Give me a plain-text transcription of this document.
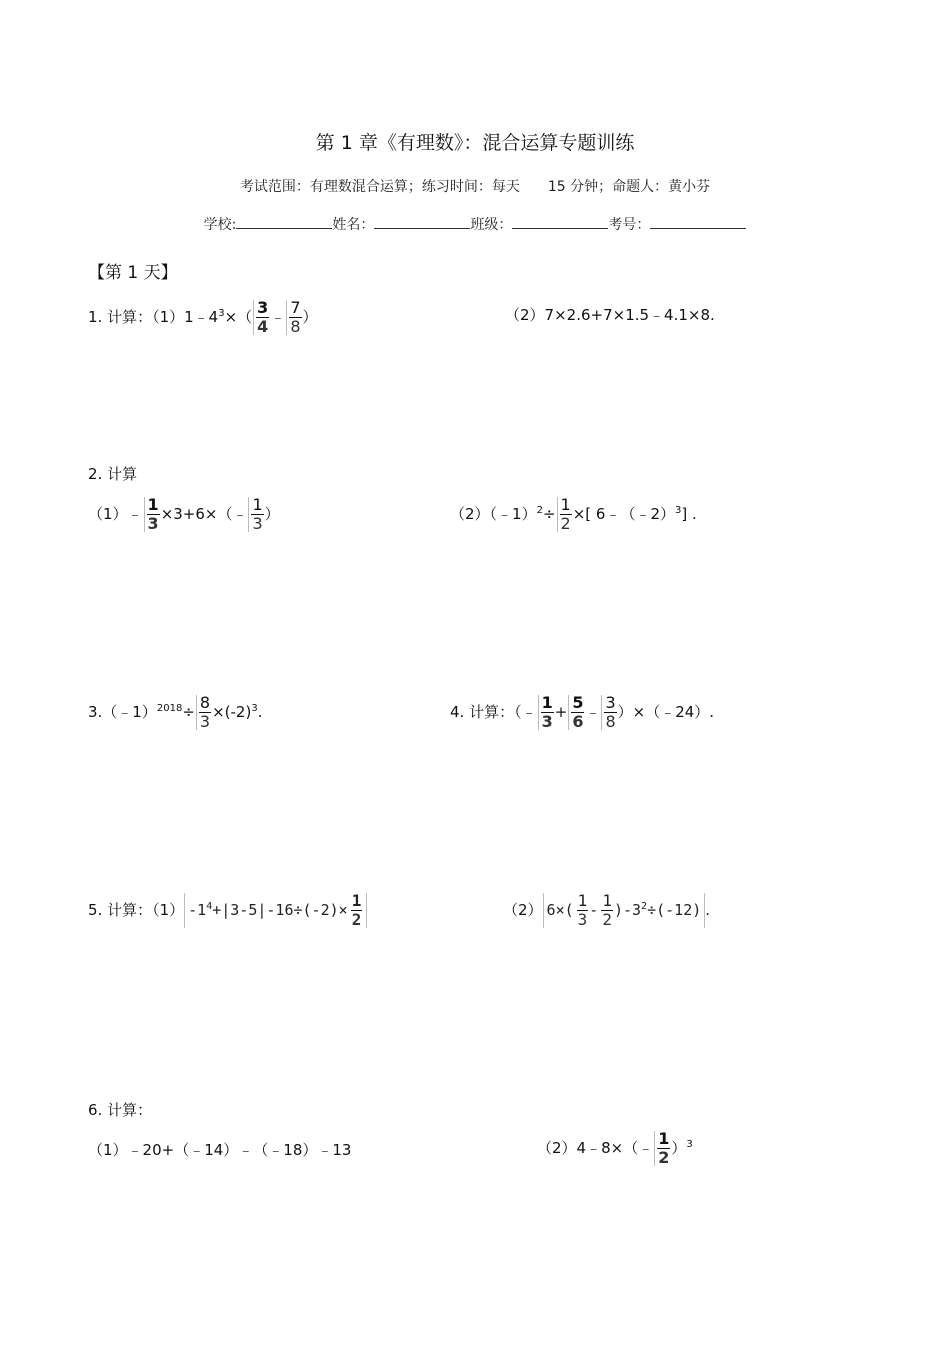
第 1 章《有理数》：混合运算专题训练
考试范围：有理数混合运算；练习时间：每天　　15 分钟；命题人：黄小芬
学校:	姓名：	班级：	考号：
【第 1 天】
1. 计算：$(1)1﹣4^3\times( \frac{3}{4}$ ﹣ $\frac{7}{8}$ ）	（2）7×2.6+7×1.5﹣4.1×8.
2. 计算
（1）﹣ $\frac{1}{3}$ ×3+6×（﹣ $\frac{1}{3}$ ）	（2）（﹣1）$^2$÷ $\frac{1}{2}$ ×[ 6﹣（﹣2）$^3$] .
3.（﹣1）$^{2018}$÷ $\frac{8}{3} \times(-2)^3$.	4. 计算：（﹣ $\frac{1}{3} + \frac{5}{6}$ ﹣ $\frac{3}{8}$ ）×（﹣24）.
5. 计算：（1） $-1^4+|3-5|-16\div(-2)\times \frac{1}{2}$	（2） $6\times( \frac{1}{3} - \frac{1}{2} )-3^2\div(-12)$ .
6. 计算：
（1）﹣20+（﹣14）﹣（﹣18）﹣13	（2）4﹣8×（﹣ $\frac{1}{2} )^3$
